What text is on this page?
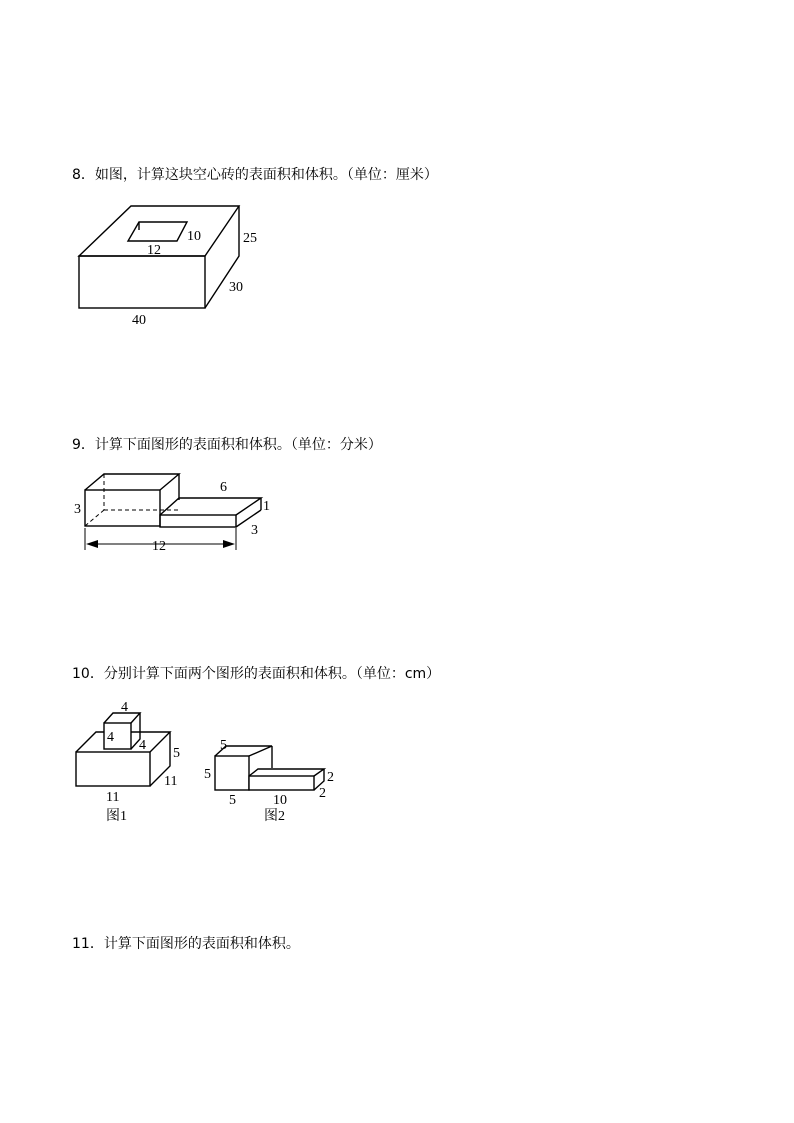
8．如图，计算这块空心砖的表面积和体积。（单位：厘米）
12
10	25
30
40
9．计算下面图形的表面积和体积。（单位：分米）
3
6
1
3
12
10．分别计算下面两个图形的表面积和体积。（单位：cm）
4
4
4
5
11
11
图1
5
5
5	10
2
2
图2
11．计算下面图形的表面积和体积。
